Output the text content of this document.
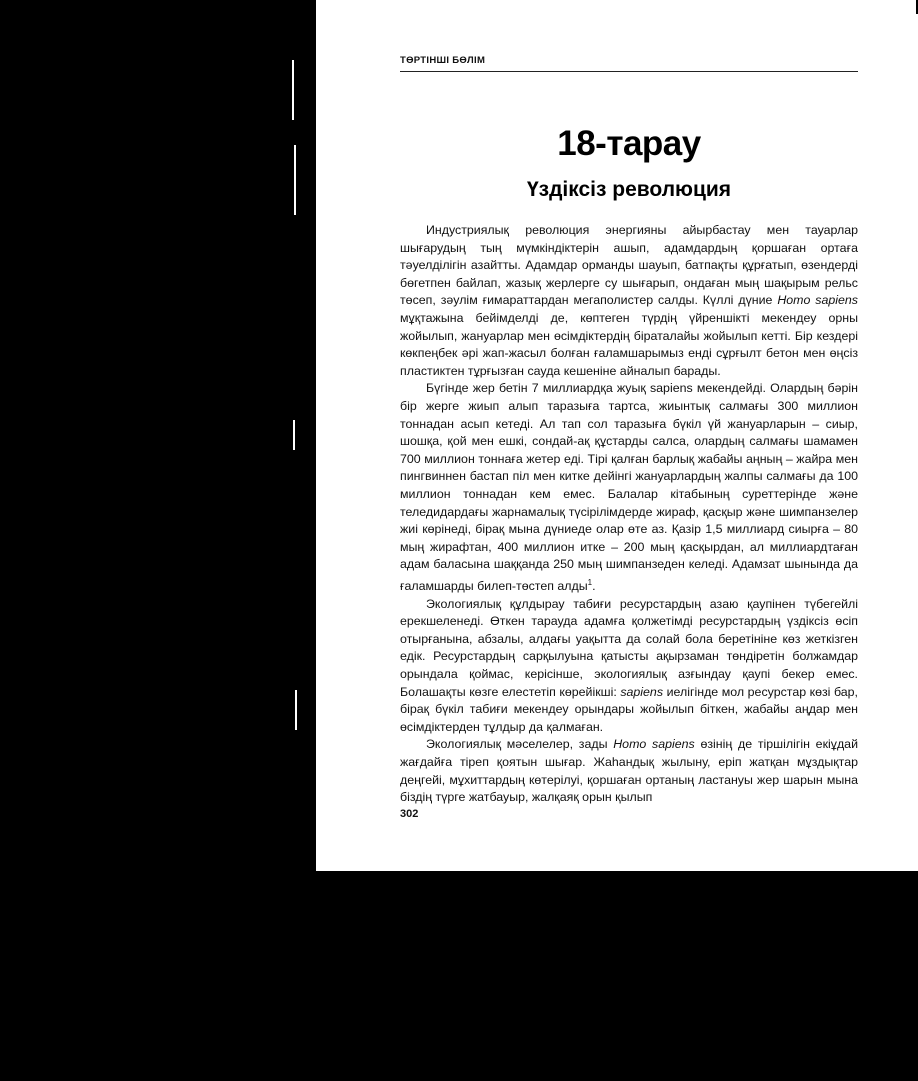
ТӨРТІНШІ БӨЛІМ
18-тарау
Үздіксіз революция

Индустриялық революция энергияны айырбастау мен тауарлар шығарудың тың мүмкіндіктерін ашып, адамдардың қоршаған ортаға тәуелділігін азайтты. Адамдар орманды шауып, батпақты құрғатып, өзендерді бөгетпен байлап, жазық жерлерге су шығарып, ондаған мың шақырым рельс төсеп, зәулім ғимараттардан мегаполистер салды. Күллі дүние Homo sapiens мұқтажына бейімделді де, көптеген түрдің үйреншікті мекендеу орны жойылып, жануарлар мен өсімдіктердің біраталайы жойылып кетті. Бір кездері көкпеңбек әрі жап-жасыл болған ғаламшарымыз енді сұрғылт бетон мен өңсіз пластиктен тұрғызған сауда кешеніне айналып барады.

Бүгінде жер бетін 7 миллиардқа жуық sapiens мекендейді. Олардың бәрін бір жерге жиып алып таразыға тартса, жиынтық салмағы 300 миллион тоннадан асып кетеді. Ал тап сол таразыға бүкіл үй жануарларын – сиыр, шошқа, қой мен ешкі, сондай-ақ құстарды салса, олардың салмағы шамамен 700 миллион тоннаға жетер еді. Тірі қалған барлық жабайы аңның – жайра мен пингвиннен бастап піл мен китке дейінгі жануарлардың жалпы салмағы да 100 миллион тоннадан кем емес. Балалар кітабының суреттерінде және теледидардағы жарнамалық түсірілімдерде жираф, қасқыр және шимпанзелер жиі көрінеді, бірақ мына дүниеде олар өте аз. Қазір 1,5 миллиард сиырға – 80 мың жирафтан, 400 миллион итке – 200 мың қасқырдан, ал миллиардтаған адам баласына шаққанда 250 мың шимпанзеден келеді. Адамзат шынында да ғаламшарды билеп-төстеп алды$^1$.

Экологиялық құлдырау табиғи ресурстардың азаю қаупінен түбегейлі ерекшеленеді. Өткен тарауда адамға қолжетімді ресурстардың үздіксіз өсіп отырғанына, абзалы, алдағы уақытта да солай бола беретініне көз жеткізген едік. Ресурстардың сарқылуына қатысты ақырзаман төндіретін болжамдар орындала қоймас, керісінше, экологиялық азғындау қаупі бекер емес. Болашақты көзге елестетіп көрейікші: sapiens иелігінде мол ресурстар көзі бар, бірақ бүкіл табиғи мекендеу орындары жойылып біткен, жабайы аңдар мен өсімдіктерден тұлдыр да қалмаған.

Экологиялық мәселелер, зады Homo sapiens өзінің де тіршілігін екіұдай жағдайға тіреп қоятын шығар. Жаһандық жылыну, еріп жатқан мұздықтар деңгейі, мұхиттардың көтерілуі, қоршаған ортаның ластануы жер шарын мына біздің түрге жатбауыр, жалқаяқ орын қылып

302
